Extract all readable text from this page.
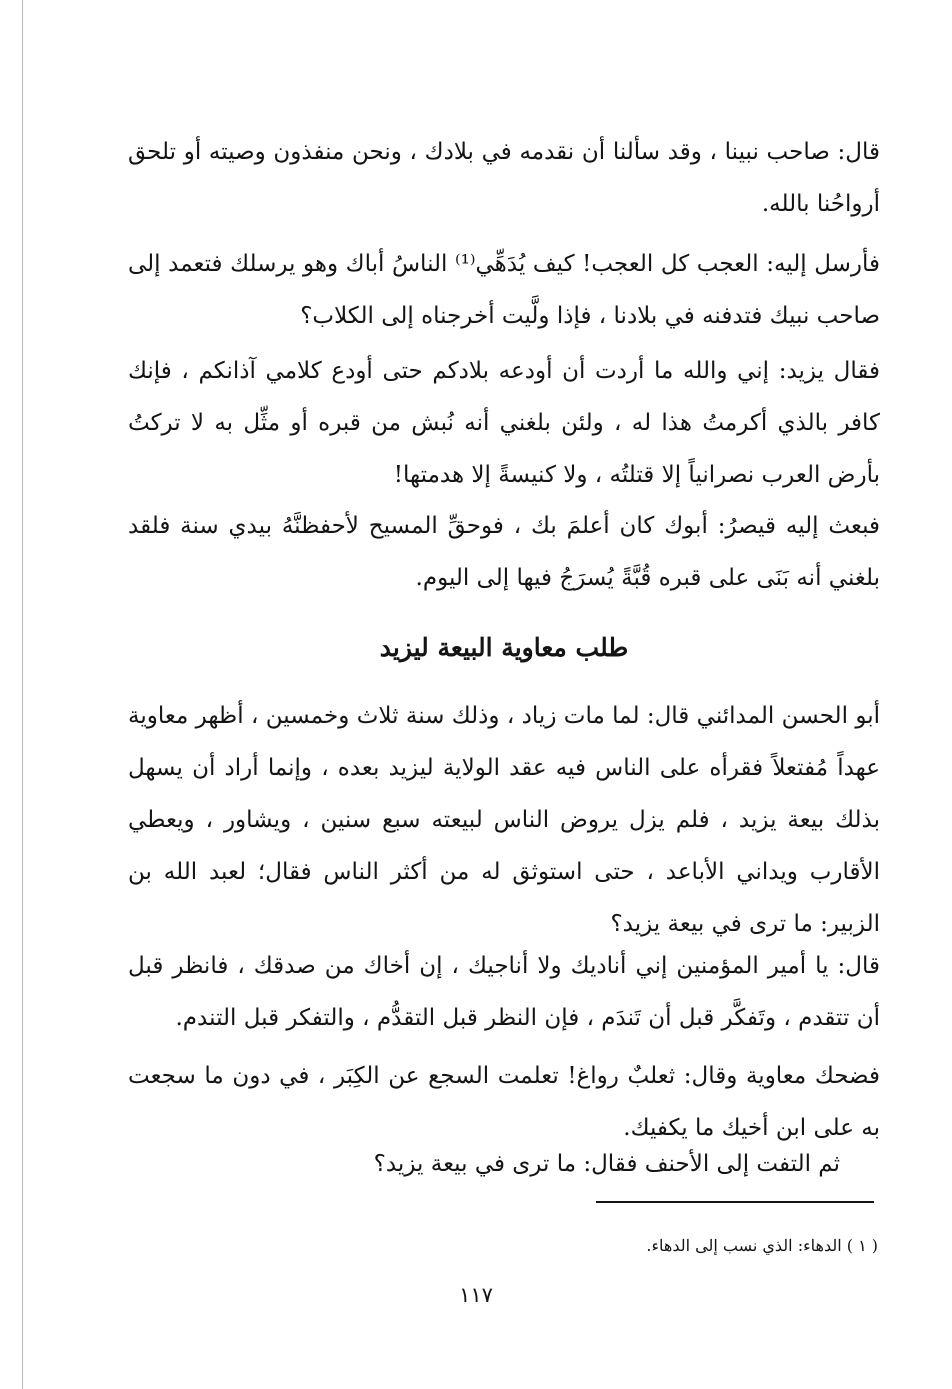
قال: صاحب نبينا ، وقد سألنا أن نقدمه في بلادك ، ونحن منفذون وصيته أو تلحق أرواحُنا بالله.

فأرسل إليه: العجب كل العجب! كيف يُدَهِّي⁽¹⁾ الناسُ أباك وهو يرسلك فتعمد إلى صاحب نبيك فتدفنه في بلادنا ، فإذا ولَّيت أخرجناه إلى الكلاب؟

فقال يزيد: إني والله ما أردت أن أودعه بلادكم حتى أودع كلامي آذانكم ، فإنك كافر بالذي أكرمتُ هذا له ، ولئن بلغني أنه نُبش من قبره أو مثِّل به لا تركتُ بأرض العرب نصرانياً إلا قتلتُه ، ولا كنيسةً إلا هدمتها!

فبعث إليه قيصرُ: أبوك كان أعلمَ بك ، فوحقِّ المسيح لأحفظنَّهُ بيدي سنة فلقد بلغني أنه بَنَى على قبره قُبَّةً يُسرَجُ فيها إلى اليوم.

طلب معاوية البيعة ليزيد

أبو الحسن المدائني قال: لما مات زياد ، وذلك سنة ثلاث وخمسين ، أظهر معاوية عهداً مُفتعلاً فقرأه على الناس فيه عقد الولاية ليزيد بعده ، وإنما أراد أن يسهل بذلك بيعة يزيد ، فلم يزل يروض الناس لبيعته سبع سنين ، ويشاور ، ويعطي الأقارب ويداني الأباعد ، حتى استوثق له من أكثر الناس فقال؛ لعبد الله بن الزبير: ما ترى في بيعة يزيد؟

قال: يا أمير المؤمنين إني أناديك ولا أناجيك ، إن أخاك من صدقك ، فانظر قبل أن تتقدم ، وتَفكَّر قبل أن تَندَم ، فإن النظر قبل التقدُّم ، والتفكر قبل التندم.

فضحك معاوية وقال: ثعلبٌ رواغ! تعلمت السجع عن الكِبَر ، في دون ما سجعت به على ابن أخيك ما يكفيك.

ثم التفت إلى الأحنف فقال: ما ترى في بيعة يزيد؟
( ١ ) الدهاء: الذي نسب إلى الدهاء.
١١٧
